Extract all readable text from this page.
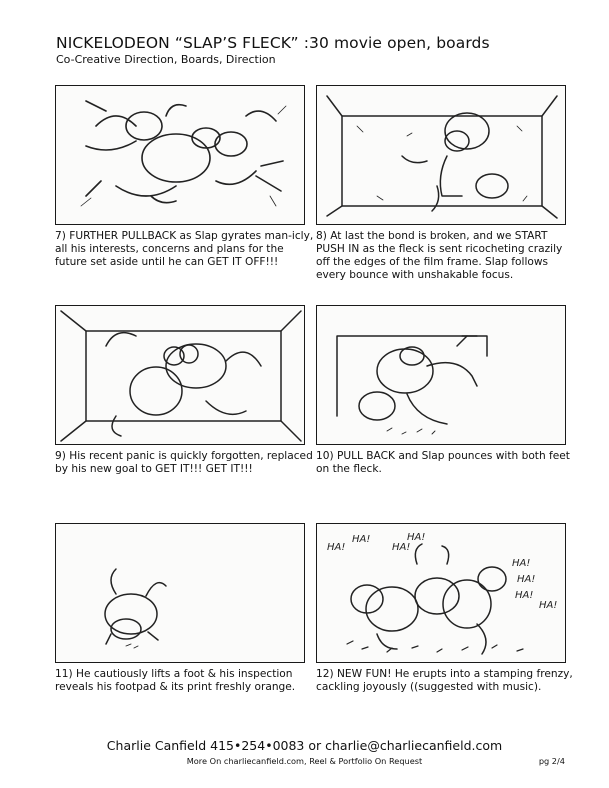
NICKELODEON “SLAP’S FLECK” :30 movie open, boards
Co-Creative Direction, Boards, Direction
7) FURTHER PULLBACK as Slap gyrates man-icly, all his interests, concerns and plans for the future set aside until he can GET IT OFF!!!
8) At last the bond is broken, and we START PUSH IN as the fleck is sent ricocheting crazily off the edges of the film frame. Slap follows every bounce with unshakable focus.
9) His recent panic is quickly forgotten, replaced by his new goal to GET IT!!! GET IT!!!
10) PULL BACK and Slap pounces with both feet on the fleck.
HA!
HA!
HA!
HA!
HA!
HA!
HA!
HA!
11) He cautiously lifts a foot & his inspection reveals his footpad & its print freshly orange.
12) NEW FUN! He erupts into a stamping frenzy, cackling joyously ((suggested with music).
Charlie Canfield 415•254•0083 or charlie@charliecanfield.com
More On charliecanfield.com, Reel & Portfolio On Request	pg 2/4
